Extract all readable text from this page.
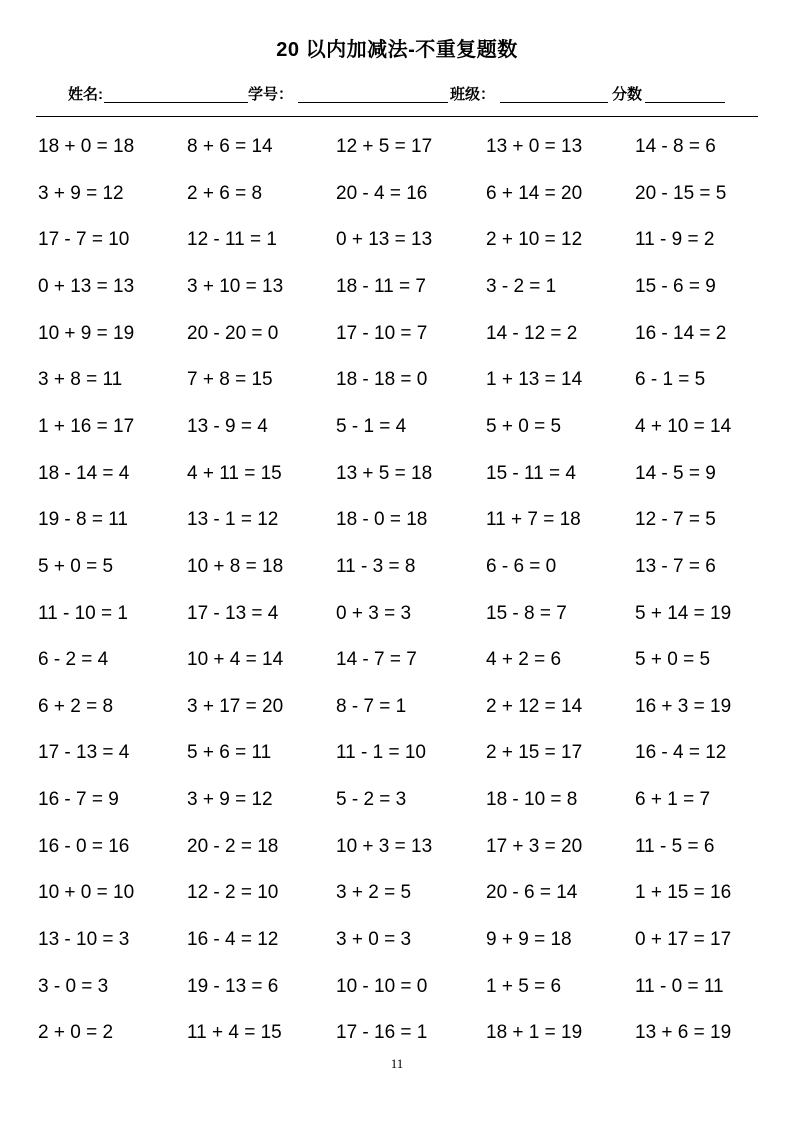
20 以内加减法-不重复题数
姓名:	学号：	班级：	分数
18 + 0 = 18	8 + 6 = 14	12 + 5 = 17	13 + 0 = 13	14 - 8 = 6
3 + 9 = 12	2 + 6 = 8	20 - 4 = 16	6 + 14 = 20	20 - 15 = 5
17 - 7 = 10	12 - 11 = 1	0 + 13 = 13	2 + 10 = 12	11 - 9 = 2
0 + 13 = 13	3 + 10 = 13	18 - 11 = 7	3 - 2 = 1	15 - 6 = 9
10 + 9 = 19	20 - 20 = 0	17 - 10 = 7	14 - 12 = 2	16 - 14 = 2
3 + 8 = 11	7 + 8 = 15	18 - 18 = 0	1 + 13 = 14	6 - 1 = 5
1 + 16 = 17	13 - 9 = 4	5 - 1 = 4	5 + 0 = 5	4 + 10 = 14
18 - 14 = 4	4 + 11 = 15	13 + 5 = 18	15 - 11 = 4	14 - 5 = 9
19 - 8 = 11	13 - 1 = 12	18 - 0 = 18	11 + 7 = 18	12 - 7 = 5
5 + 0 = 5	10 + 8 = 18	11 - 3 = 8	6 - 6 = 0	13 - 7 = 6
11 - 10 = 1	17 - 13 = 4	0 + 3 = 3	15 - 8 = 7	5 + 14 = 19
6 - 2 = 4	10 + 4 = 14	14 - 7 = 7	4 + 2 = 6	5 + 0 = 5
6 + 2 = 8	3 + 17 = 20	8 - 7 = 1	2 + 12 = 14	16 + 3 = 19
17 - 13 = 4	5 + 6 = 11	11 - 1 = 10	2 + 15 = 17	16 - 4 = 12
16 - 7 = 9	3 + 9 = 12	5 - 2 = 3	18 - 10 = 8	6 + 1 = 7
16 - 0 = 16	20 - 2 = 18	10 + 3 = 13	17 + 3 = 20	11 - 5 = 6
10 + 0 = 10	12 - 2 = 10	3 + 2 = 5	20 - 6 = 14	1 + 15 = 16
13 - 10 = 3	16 - 4 = 12	3 + 0 = 3	9 + 9 = 18	0 + 17 = 17
3 - 0 = 3	19 - 13 = 6	10 - 10 = 0	1 + 5 = 6	11 - 0 = 11
2 + 0 = 2	11 + 4 = 15	17 - 16 = 1	18 + 1 = 19	13 + 6 = 19
11
